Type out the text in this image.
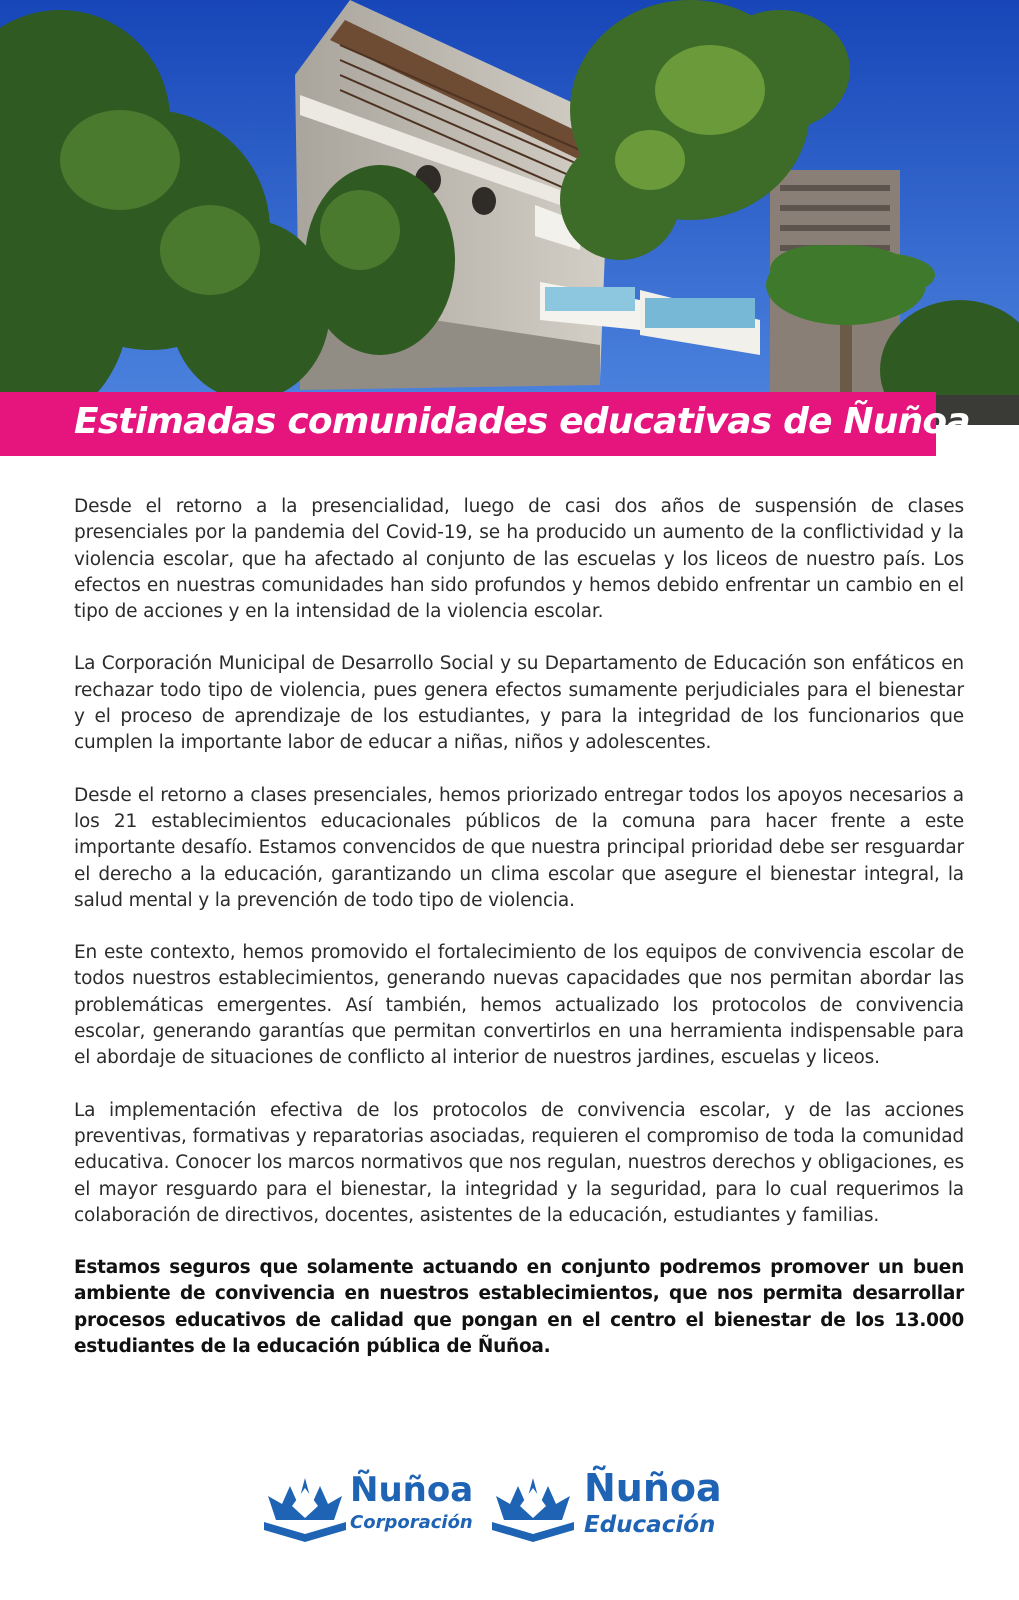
Estimadas comunidades educativas de Ñuñoa,

Desde el retorno a la presencialidad, luego de casi dos años de suspensión de clases presenciales por la pandemia del Covid-19, se ha producido un aumento de la conflictividad y la violencia escolar, que ha afectado al conjunto de las escuelas y los liceos de nuestro país. Los efectos en nuestras comunidades han sido profundos y hemos debido enfrentar un cambio en el tipo de acciones y en la intensidad de la violencia escolar.

La Corporación Municipal de Desarrollo Social y su Departamento de Educación son enfáticos en rechazar todo tipo de violencia, pues genera efectos sumamente perjudiciales para el bienestar y el proceso de aprendizaje de los estudiantes, y para la integridad de los funcionarios que cumplen la importante labor de educar a niñas, niños y adolescentes.

Desde el retorno a clases presenciales, hemos priorizado entregar todos los apoyos necesarios a los 21 establecimientos educacionales públicos de la comuna para hacer frente a este importante desafío. Estamos convencidos de que nuestra principal prioridad debe ser resguardar el derecho a la educación, garantizando un clima escolar que asegure el bienestar integral, la salud mental y la prevención de todo tipo de violencia.

En este contexto, hemos promovido el fortalecimiento de los equipos de convivencia escolar de todos nuestros establecimientos, generando nuevas capacidades que nos permitan abordar las problemáticas emergentes. Así también, hemos actualizado los protocolos de convivencia escolar, generando garantías que permitan convertirlos en una herramienta indispensable para el abordaje de situaciones de conflicto al interior de nuestros jardines, escuelas y liceos.

La implementación efectiva de los protocolos de convivencia escolar, y de las acciones preventivas, formativas y reparatorias asociadas, requieren el compromiso de toda la comunidad educativa. Conocer los marcos normativos que nos regulan, nuestros derechos y obligaciones, es el mayor resguardo para el bienestar, la integridad y la seguridad, para lo cual requerimos la colaboración de directivos, docentes, asistentes de la educación, estudiantes y familias.

Estamos seguros que solamente actuando en conjunto podremos promover un buen ambiente de convivencia en nuestros establecimientos, que nos permita desarrollar procesos educativos de calidad que pongan en el centro el bienestar de los 13.000 estudiantes de la educación pública de Ñuñoa.

Ñuñoa
Corporación
Ñuñoa
Educación
